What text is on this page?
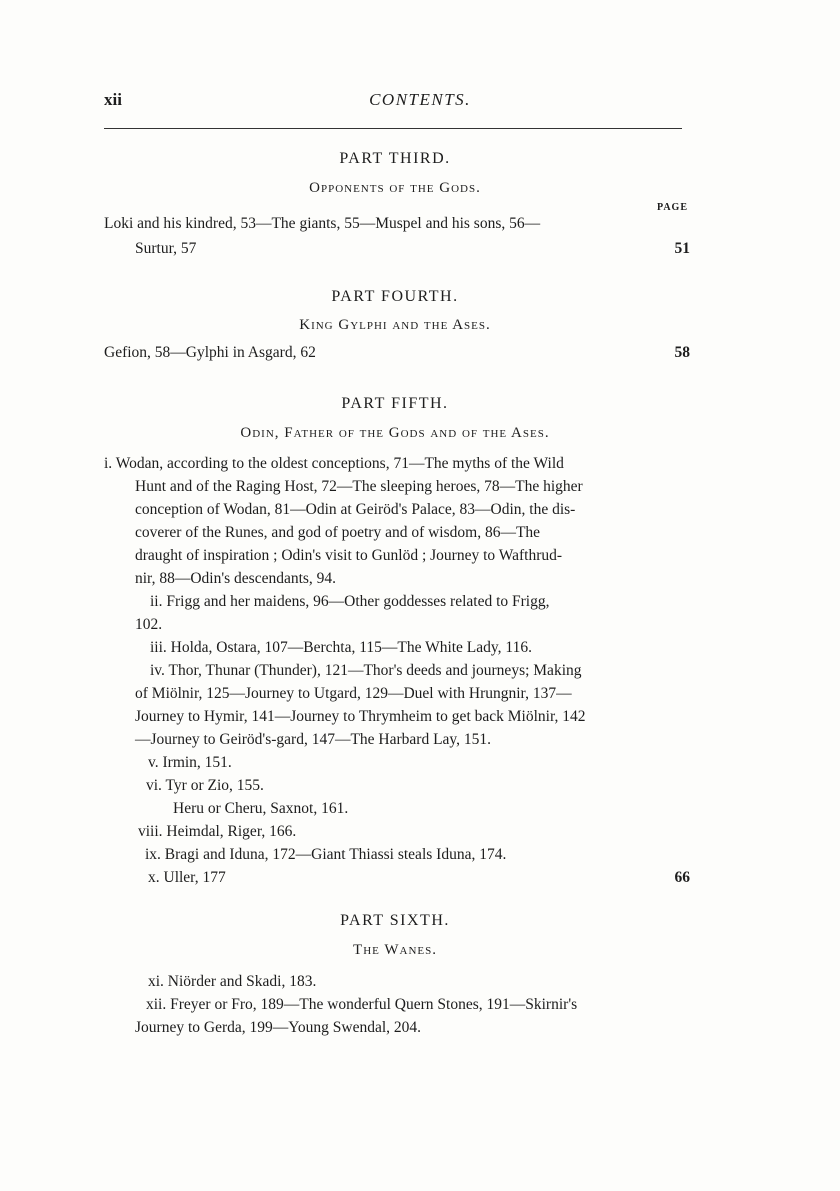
xii	CONTENTS.
PART THIRD.
Opponents of the Gods.
PAGE
Loki and his kindred, 53—The giants, 55—Muspel and his sons, 56—
Surtur, 57	51
PART FOURTH.
King Gylphi and the Ases.
Gefion, 58—Gylphi in Asgard, 62	58
PART FIFTH.
Odin, Father of the Gods and of the Ases.
i. Wodan, according to the oldest conceptions, 71—The myths of the Wild
Hunt and of the Raging Host, 72—The sleeping heroes, 78—The higher
conception of Wodan, 81—Odin at Geiröd's Palace, 83—Odin, the dis-
coverer of the Runes, and god of poetry and of wisdom, 86—The
draught of inspiration ; Odin's visit to Gunlöd ; Journey to Wafthrud-
nir, 88—Odin's descendants, 94.
ii. Frigg and her maidens, 96—Other goddesses related to Frigg,
102.
iii. Holda, Ostara, 107—Berchta, 115—The White Lady, 116.
iv. Thor, Thunar (Thunder), 121—Thor's deeds and journeys; Making
of Miölnir, 125—Journey to Utgard, 129—Duel with Hrungnir, 137—
Journey to Hymir, 141—Journey to Thrymheim to get back Miölnir, 142
—Journey to Geiröd's-gard, 147—The Harbard Lay, 151.
v. Irmin, 151.
vi. Tyr or Zio, 155.
Heru or Cheru, Saxnot, 161.
viii. Heimdal, Riger, 166.
ix. Bragi and Iduna, 172—Giant Thiassi steals Iduna, 174.
x. Uller, 177	66
PART SIXTH.
The Wanes.
xi. Niörder and Skadi, 183.
xii. Freyer or Fro, 189—The wonderful Quern Stones, 191—Skirnir's
Journey to Gerda, 199—Young Swendal, 204.
